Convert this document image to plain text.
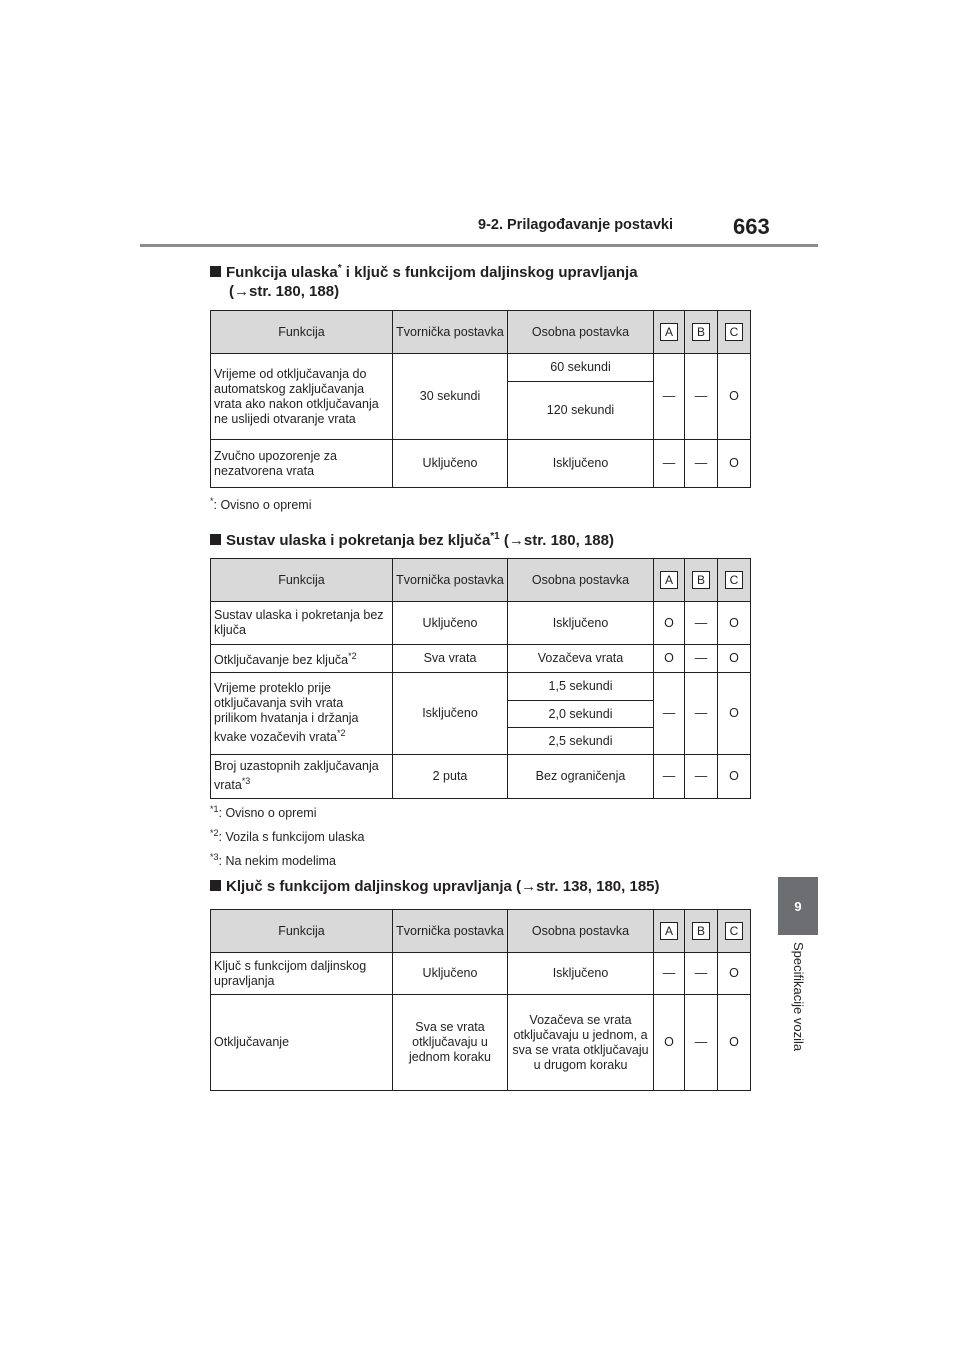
9-2. Prilagođavanje postavki	663
9
Specifikacije vozila
Funkcija ulaska* i ključ s funkcijom daljinskog upravljanja
(→str. 180, 188)
Funkcija	Tvornička postavka	Osobna postavka	A	B	C

Vrijeme od otključavanja do automatskog zaključavanja vrata ako nakon otključavanja ne uslijedi otvaranje vrata	30 sekundi	60 sekundi	—	—	O
		120 sekundi			
Zvučno upozorenje za nezatvorena vrata	Uključeno	Isključeno	—	—	O
*: Ovisno o opremi
Sustav ulaska i pokretanja bez ključa$^{*1}$ (→str. 180, 188)
Funkcija	Tvornička postavka	Osobna postavka	A	B	C

Sustav ulaska i pokretanja bez ključa	Uključeno	Isključeno	O	—	O
Otključavanje bez ključa$^{*2}$	Sva vrata	Vozačeva vrata	O	—	O
Vrijeme proteklo prije otključavanja svih vrata prilikom hvatanja i držanja kvake vozačevih vrata$^{*2}$	Isključeno	1,5 sekundi	—	—	O
		2,0 sekundi			
		2,5 sekundi			
Broj uzastopnih zaključavanja vrata$^{*3}$	2 puta	Bez ograničenja	—	—	O
$^{*1}$: Ovisno o opremi
$^{*2}$: Vozila s funkcijom ulaska
$^{*3}$: Na nekim modelima
Ključ s funkcijom daljinskog upravljanja (→str. 138, 180, 185)
Funkcija	Tvornička postavka	Osobna postavka	A	B	C

Ključ s funkcijom daljinskog upravljanja	Uključeno	Isključeno	—	—	O
Otključavanje	Sva se vrata otključavaju u jednom koraku	Vozačeva se vrata otključavaju u jednom, a sva se vrata otključavaju u drugom koraku	O	—	O
